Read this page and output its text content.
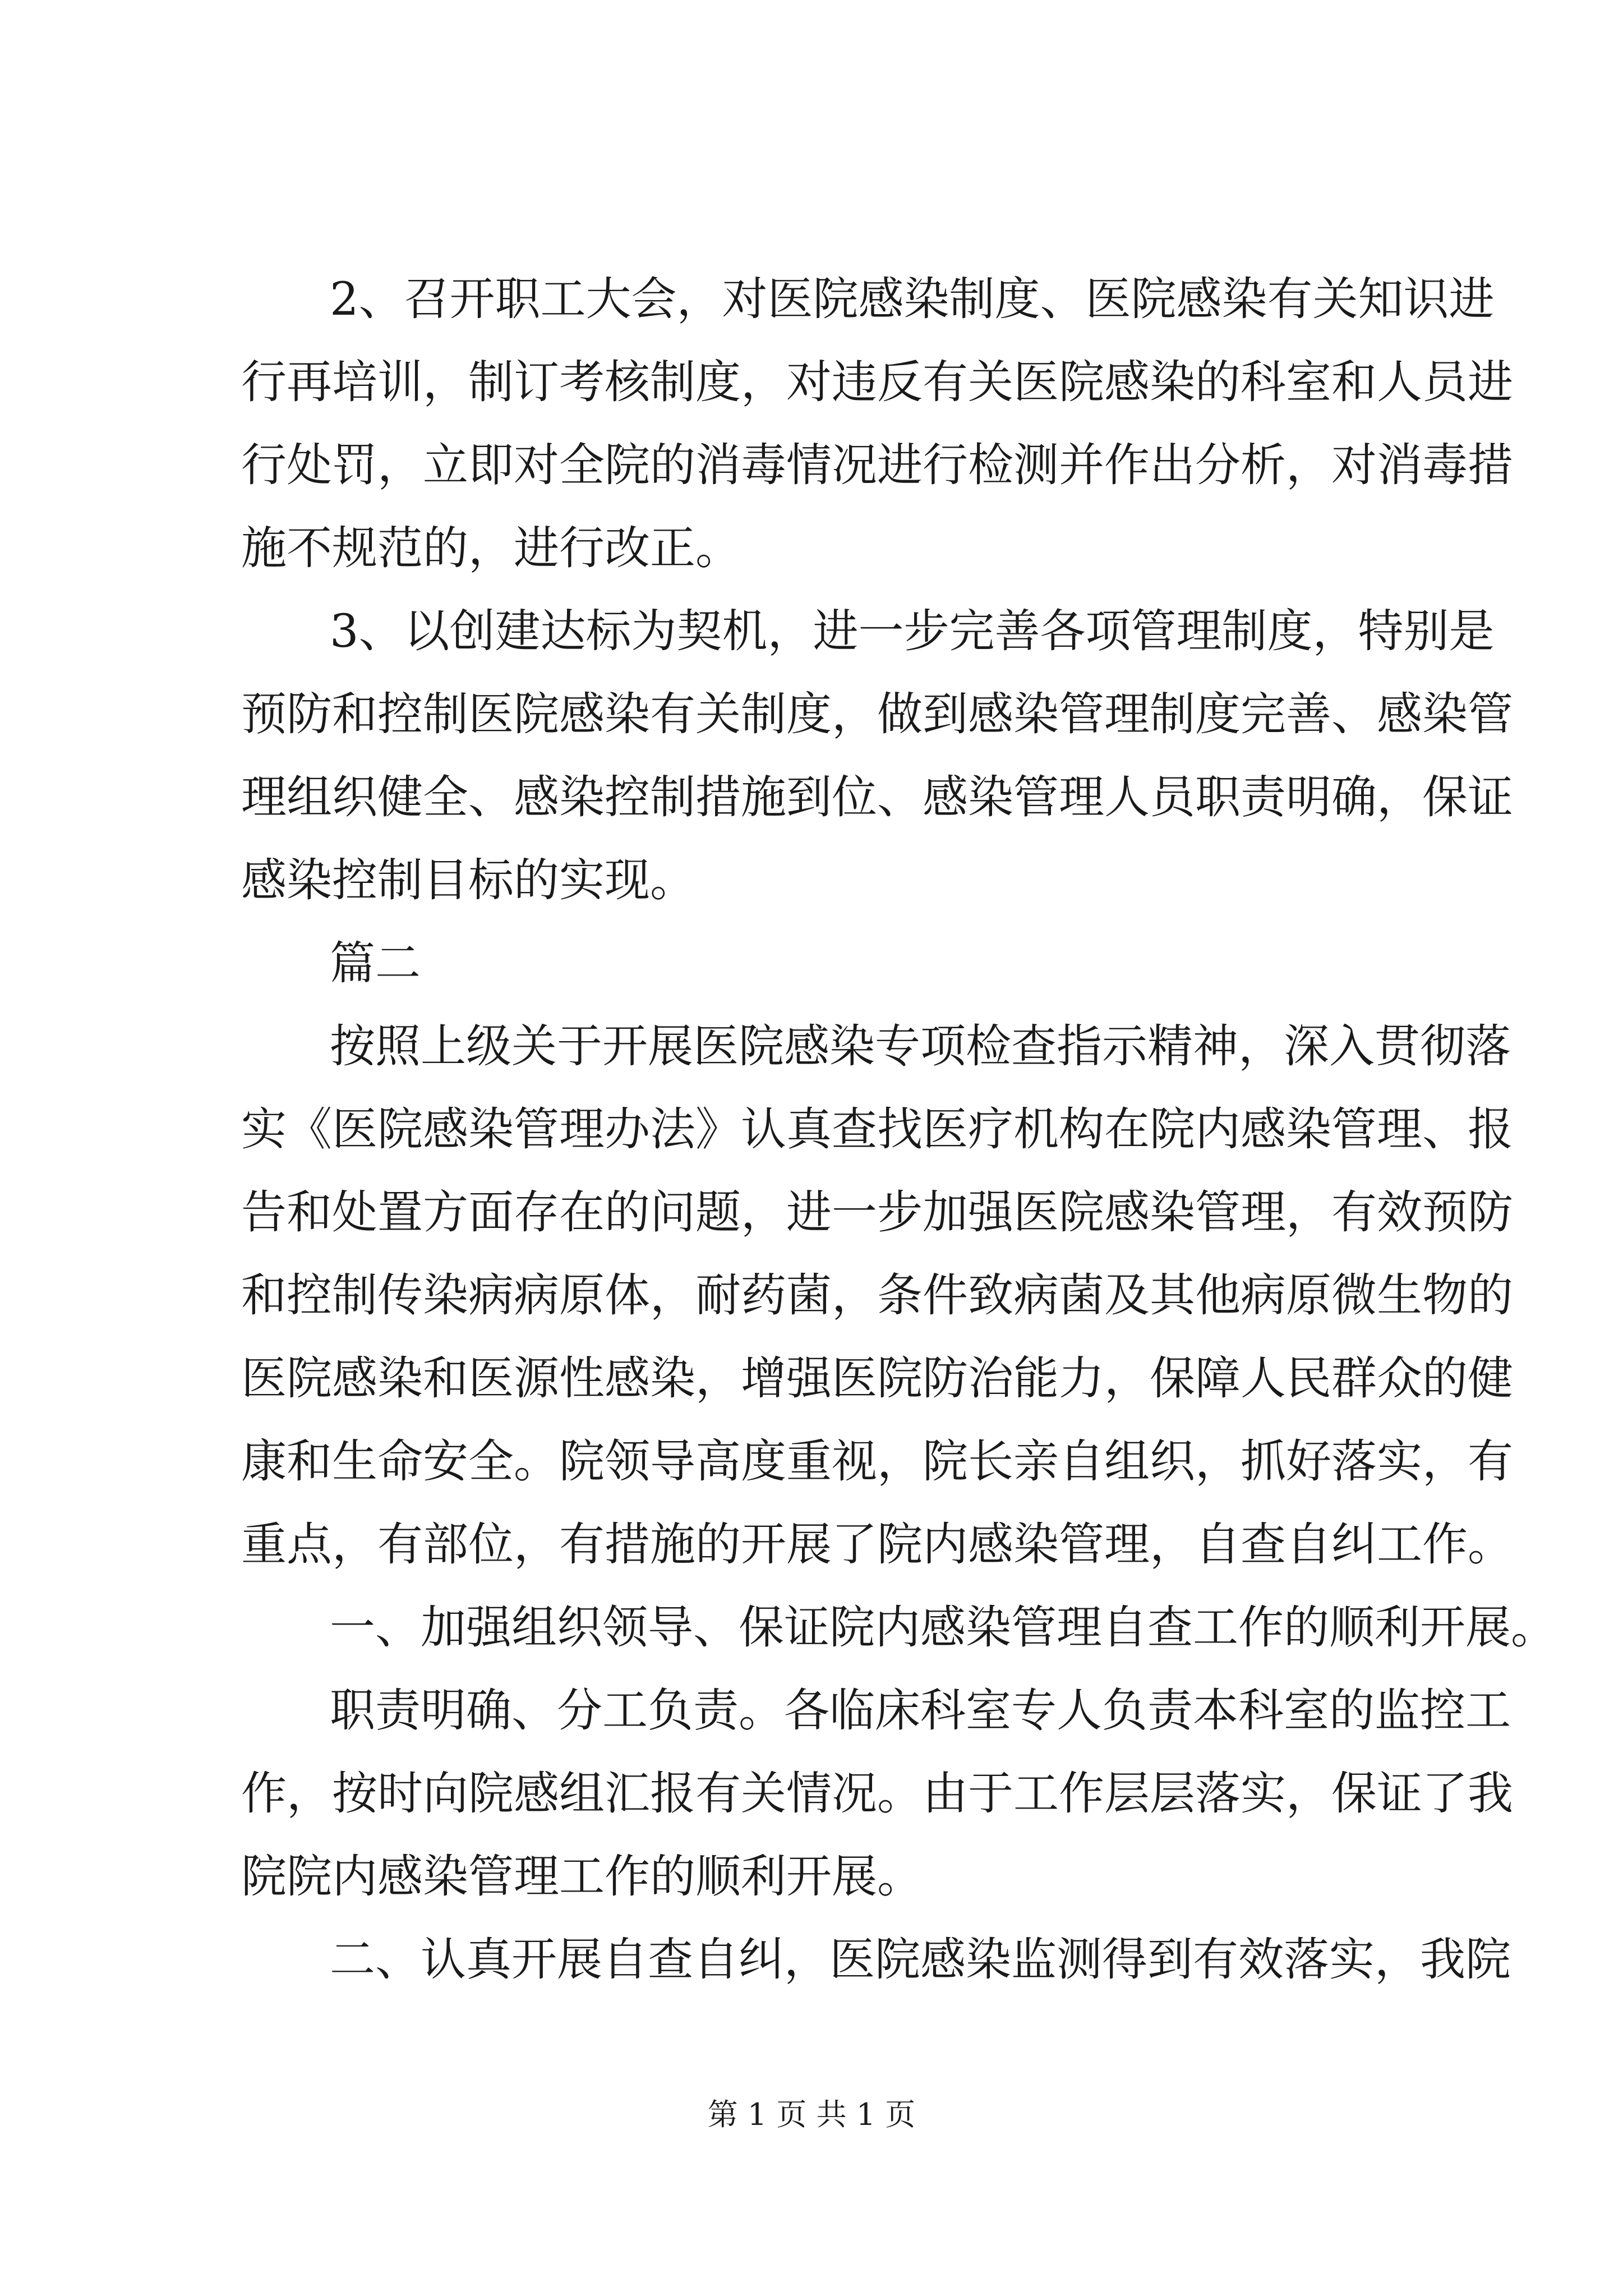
2、召开职工大会，对医院感染制度、医院感染有关知识进
行再培训，制订考核制度，对违反有关医院感染的科室和人员进
行处罚，立即对全院的消毒情况进行检测并作出分析，对消毒措
施不规范的，进行改正。
3、以创建达标为契机，进一步完善各项管理制度，特别是
预防和控制医院感染有关制度，做到感染管理制度完善、感染管
理组织健全、感染控制措施到位、感染管理人员职责明确，保证
感染控制目标的实现。
篇二
按照上级关于开展医院感染专项检查指示精神，深入贯彻落
实《医院感染管理办法》认真查找医疗机构在院内感染管理、报
告和处置方面存在的问题，进一步加强医院感染管理，有效预防
和控制传染病病原体，耐药菌，条件致病菌及其他病原微生物的
医院感染和医源性感染，增强医院防治能力，保障人民群众的健
康和生命安全。院领导高度重视，院长亲自组织，抓好落实，有
重点，有部位，有措施的开展了院内感染管理，自查自纠工作。
一、加强组织领导、保证院内感染管理自查工作的顺利开展。
职责明确、分工负责。各临床科室专人负责本科室的监控工
作，按时向院感组汇报有关情况。由于工作层层落实，保证了我
院院内感染管理工作的顺利开展。
二、认真开展自查自纠，医院感染监测得到有效落实，我院
第 1 页 共 1 页
